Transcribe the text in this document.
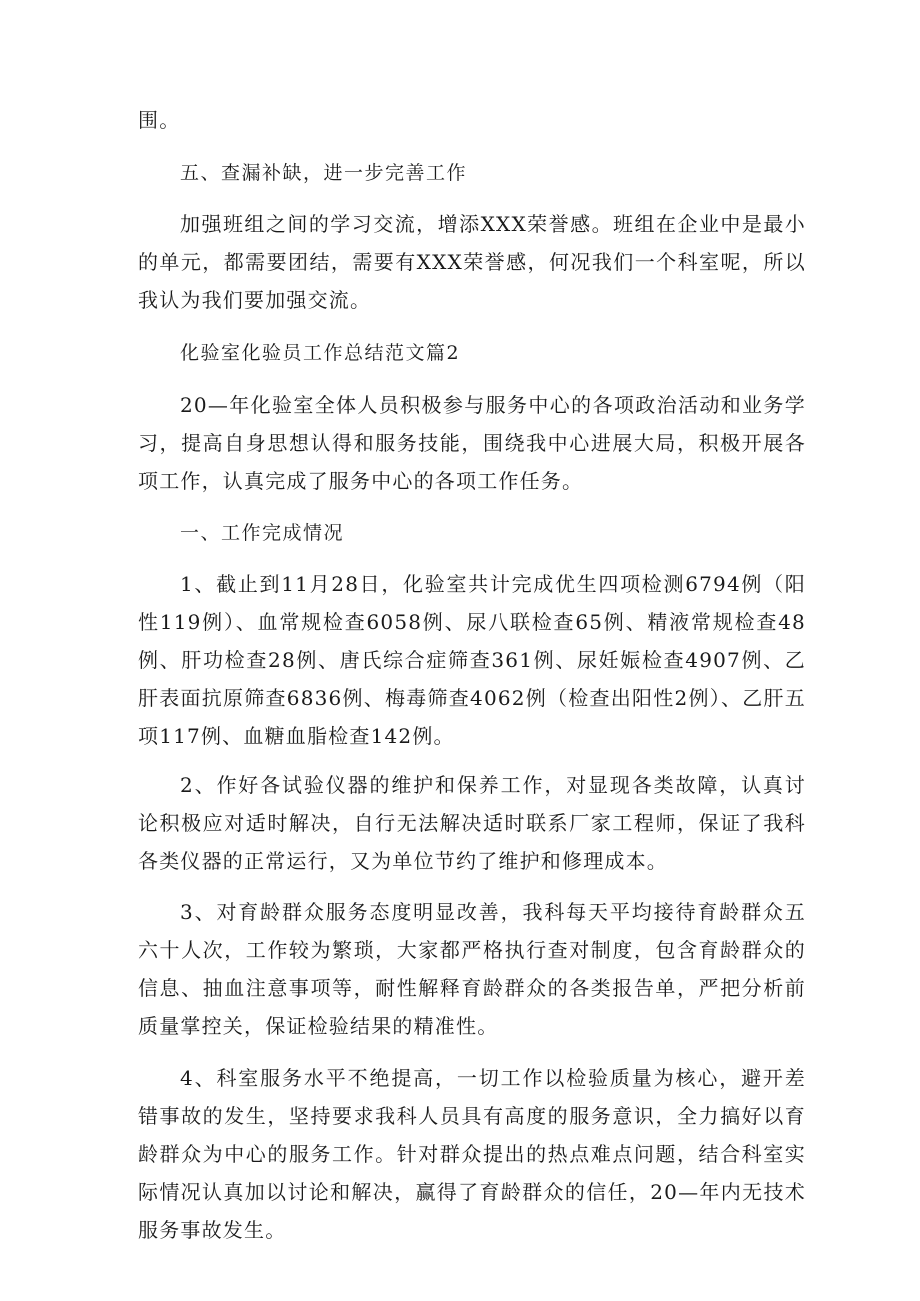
围。

五、查漏补缺，进一步完善工作

加强班组之间的学习交流，增添XXX荣誉感。班组在企业中是最小的单元，都需要团结，需要有XXX荣誉感，何况我们一个科室呢，所以我认为我们要加强交流。

化验室化验员工作总结范文篇2

20—年化验室全体人员积极参与服务中心的各项政治活动和业务学习，提高自身思想认得和服务技能，围绕我中心进展大局，积极开展各项工作，认真完成了服务中心的各项工作任务。

一、工作完成情况

1、截止到11月28日，化验室共计完成优生四项检测6794例（阳性119例）、血常规检查6058例、尿八联检查65例、精液常规检查48例、肝功检查28例、唐氏综合症筛查361例、尿妊娠检查4907例、乙肝表面抗原筛查6836例、梅毒筛查4062例（检查出阳性2例）、乙肝五项117例、血糖血脂检查142例。

2、作好各试验仪器的维护和保养工作，对显现各类故障，认真讨论积极应对适时解决，自行无法解决适时联系厂家工程师，保证了我科各类仪器的正常运行，又为单位节约了维护和修理成本。

3、对育龄群众服务态度明显改善，我科每天平均接待育龄群众五六十人次，工作较为繁琐，大家都严格执行查对制度，包含育龄群众的信息、抽血注意事项等，耐性解释育龄群众的各类报告单，严把分析前质量掌控关，保证检验结果的精准性。

4、科室服务水平不绝提高，一切工作以检验质量为核心，避开差错事故的发生，坚持要求我科人员具有高度的服务意识，全力搞好以育龄群众为中心的服务工作。针对群众提出的热点难点问题，结合科室实际情况认真加以讨论和解决，赢得了育龄群众的信任，20—年内无技术服务事故发生。
